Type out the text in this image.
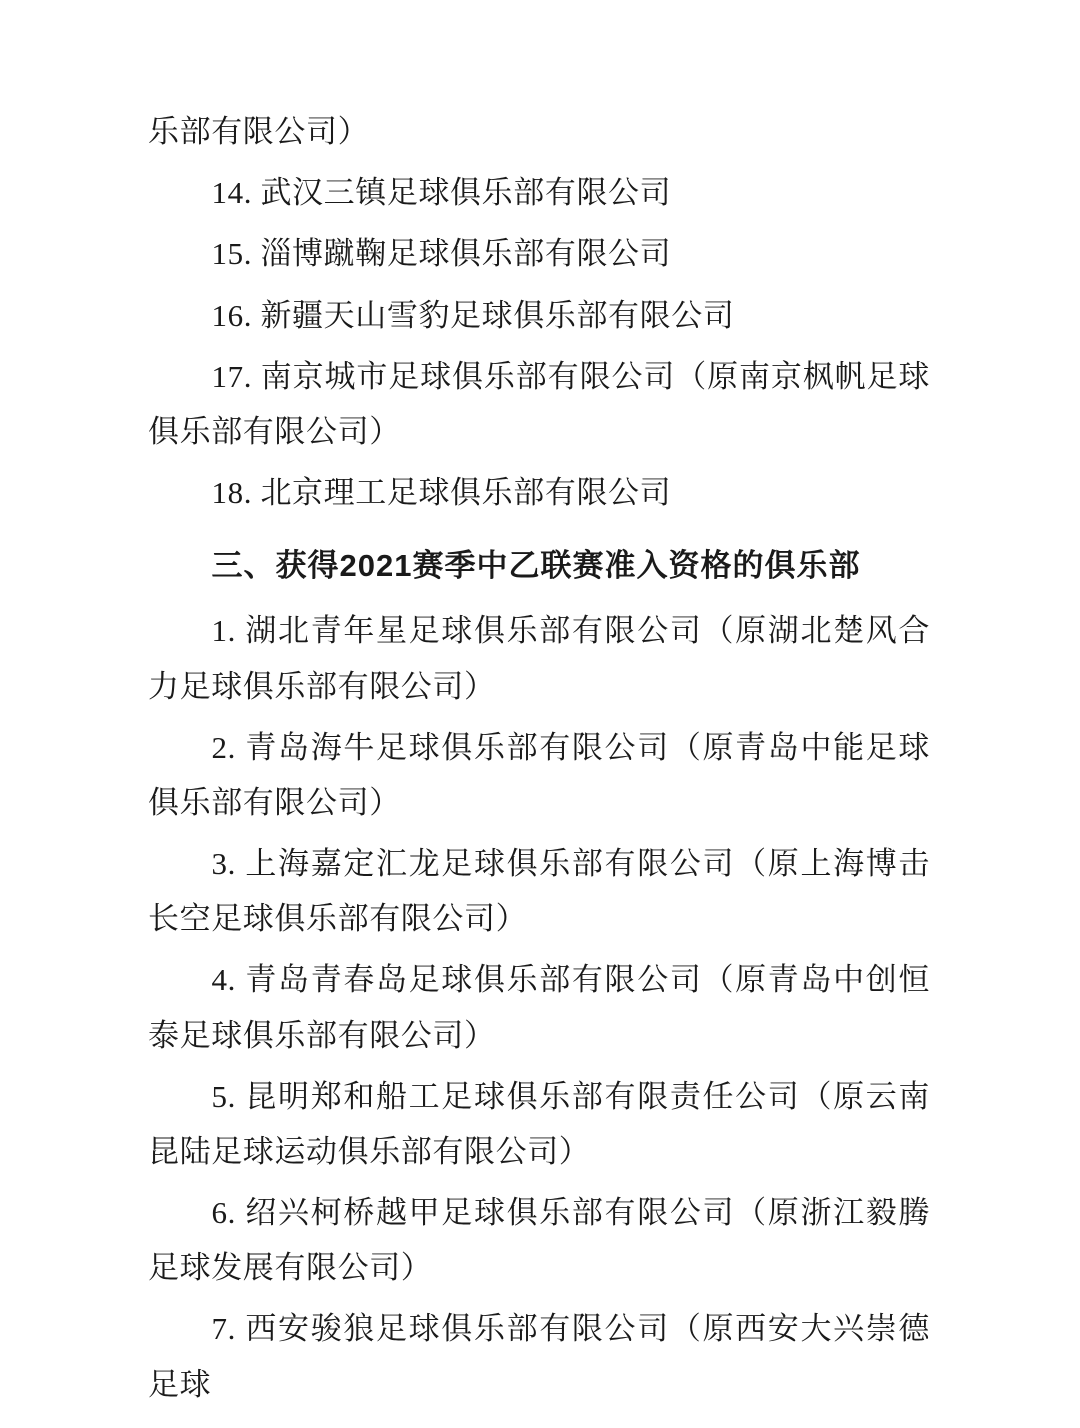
乐部有限公司）

14. 武汉三镇足球俱乐部有限公司

15. 淄博蹴鞠足球俱乐部有限公司

16. 新疆天山雪豹足球俱乐部有限公司

17. 南京城市足球俱乐部有限公司（原南京枫帆足球俱乐部有限公司）

18. 北京理工足球俱乐部有限公司

三、获得2021赛季中乙联赛准入资格的俱乐部

1. 湖北青年星足球俱乐部有限公司（原湖北楚风合力足球俱乐部有限公司）

2. 青岛海牛足球俱乐部有限公司（原青岛中能足球俱乐部有限公司）

3. 上海嘉定汇龙足球俱乐部有限公司（原上海博击长空足球俱乐部有限公司）

4. 青岛青春岛足球俱乐部有限公司（原青岛中创恒泰足球俱乐部有限公司）

5. 昆明郑和船工足球俱乐部有限责任公司（原云南昆陆足球运动俱乐部有限公司）

6. 绍兴柯桥越甲足球俱乐部有限公司（原浙江毅腾足球发展有限公司）

7. 西安骏狼足球俱乐部有限公司（原西安大兴崇德足球
